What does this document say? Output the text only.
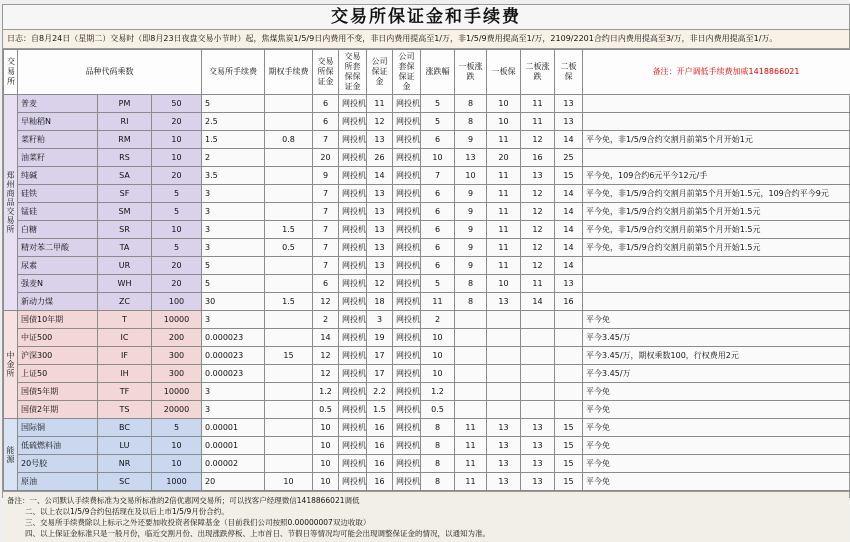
交易所保证金和手续费
日志：自8月24日（星期二）交易时（即8月23日夜盘交易小节时）起，焦煤焦炭1/5/9日内费用不变，非日内费用提高至1/万，非1/5/9费用提高至1/万，2109/2201合约日内费用提高至3/万，非日内费用提高至1/万。
交易所	品种代码乘数			交易所手续费	期权手续费	交易所保证金	交易所套保保证金	公司保证金	公司套保保证金	涨跌幅	一板涨跌	一板保	二板涨跌	二板保	备注：开户调低手续费加威1418866021
郑州商品交易所	普麦	PM	50	5		6	网投机	11	网投机	5	8	10	11	13	
	早籼稻N	RI	20	2.5		6	网投机	12	网投机	5	8	10	11	13	
	菜籽粕	RM	10	1.5	0.8	7	网投机	13	网投机	6	9	11	12	14	平今免，非1/5/9合约交割月前第5个月开始1元
	油菜籽	RS	10	2		20	网投机	26	网投机	10	13	20	16	25	
	纯碱	SA	20	3.5		9	网投机	14	网投机	7	10	11	13	15	平今免，109合约6元平今12元/手
	硅铁	SF	5	3		7	网投机	13	网投机	6	9	11	12	14	平今免，非1/5/9合约交割月前第5个月开始1.5元，109合约平今9元
	锰硅	SM	5	3		7	网投机	13	网投机	6	9	11	12	14	平今免，非1/5/9合约交割月前第5个月开始1.5元
	白糖	SR	10	3	1.5	7	网投机	13	网投机	6	9	11	12	14	平今免，非1/5/9合约交割月前第5个月开始1.5元
	精对苯二甲酸	TA	5	3	0.5	7	网投机	13	网投机	6	9	11	12	14	平今免，非1/5/9合约交割月前第5个月开始1.5元
	尿素	UR	20	5		7	网投机	13	网投机	6	9	11	12	14	
	强麦N	WH	20	5		6	网投机	12	网投机	5	8	10	11	13	
	新动力煤	ZC	100	30	1.5	12	网投机	18	网投机	11	8	13	14	16	
中金所	国债10年期	T	10000	3		2	网投机	3	网投机	2					平今免
	中证500	IC	200	0.000023		14	网投机	19	网投机	10					平今3.45/万
	沪深300	IF	300	0.000023	15	12	网投机	17	网投机	10					平今3.45/万，期权乘数100，行权费用2元
	上证50	IH	300	0.000023		12	网投机	17	网投机	10					平今3.45/万
	国债5年期	TF	10000	3		1.2	网投机	2.2	网投机	1.2					平今免
	国债2年期	TS	20000	3		0.5	网投机	1.5	网投机	0.5					平今免
能源	国际铜	BC	5	0.00001		10	网投机	16	网投机	8	11	13	13	15	平今免
	低硫燃料油	LU	10	0.00001		10	网投机	16	网投机	8	11	13	13	15	平今免
	20号胶	NR	10	0.00002		10	网投机	16	网投机	8	11	13	13	15	平今免
	原油	SC	1000	20	10	10	网投机	16	网投机	8	11	13	13	15	平今免
备注：一、公司默认手续费标准为交易所标准的2倍优惠网交易所；可以找客户经理微信1418866021调低
二、以上农以1/5/9合约包括现在及以后上市1/5/9月份合约。
三、交易所手续费除以上标示之外还要加收投资者保障基金（目前我们公司按照0.00000007双边收取）
四、以上保证金标准只是一般月份，临近交割月份、出现涨跌停板、上市首日、节假日等情况均可能会出现调整保证金的情况，以通知为准。
